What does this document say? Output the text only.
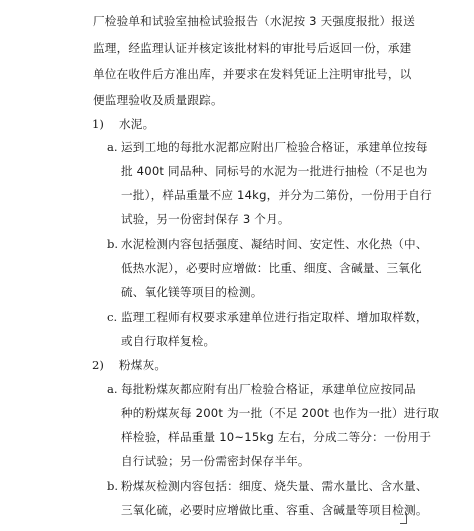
厂检验单和试验室抽检试验报告（水泥按 3 天强度报批）报送
监理，经监理认证并核定该批材料的审批号后返回一份，承建
单位在收件后方准出库，并要求在发料凭证上注明审批号，以
便监理验收及质量跟踪。
1) 水泥。
a. 运到工地的每批水泥都应附出厂检验合格证，承建单位按每
批 400t 同品种、同标号的水泥为一批进行抽检（不足也为
一批），样品重量不应 14kg，并分为二第份，一份用于自行
试验，另一份密封保存 3 个月。
b. 水泥检测内容包括强度、凝结时间、安定性、水化热（中、
低热水泥），必要时应增做：比重、细度、含碱量、三氧化
硫、氧化镁等项目的检测。
c. 监理工程师有权要求承建单位进行指定取样、增加取样数，
或自行取样复检。
2) 粉煤灰。
a. 每批粉煤灰都应附有出厂检验合格证，承建单位应按同品
种的粉煤灰每 200t 为一批（不足 200t 也作为一批）进行取
样检验，样品重量 10~15kg 左右，分成二等分：一份用于
自行试验；另一份需密封保存半年。
b. 粉煤灰检测内容包括：细度、烧失量、需水量比、含水量、
三氧化硫，必要时应增做比重、容重、含碱量等项目检测。
